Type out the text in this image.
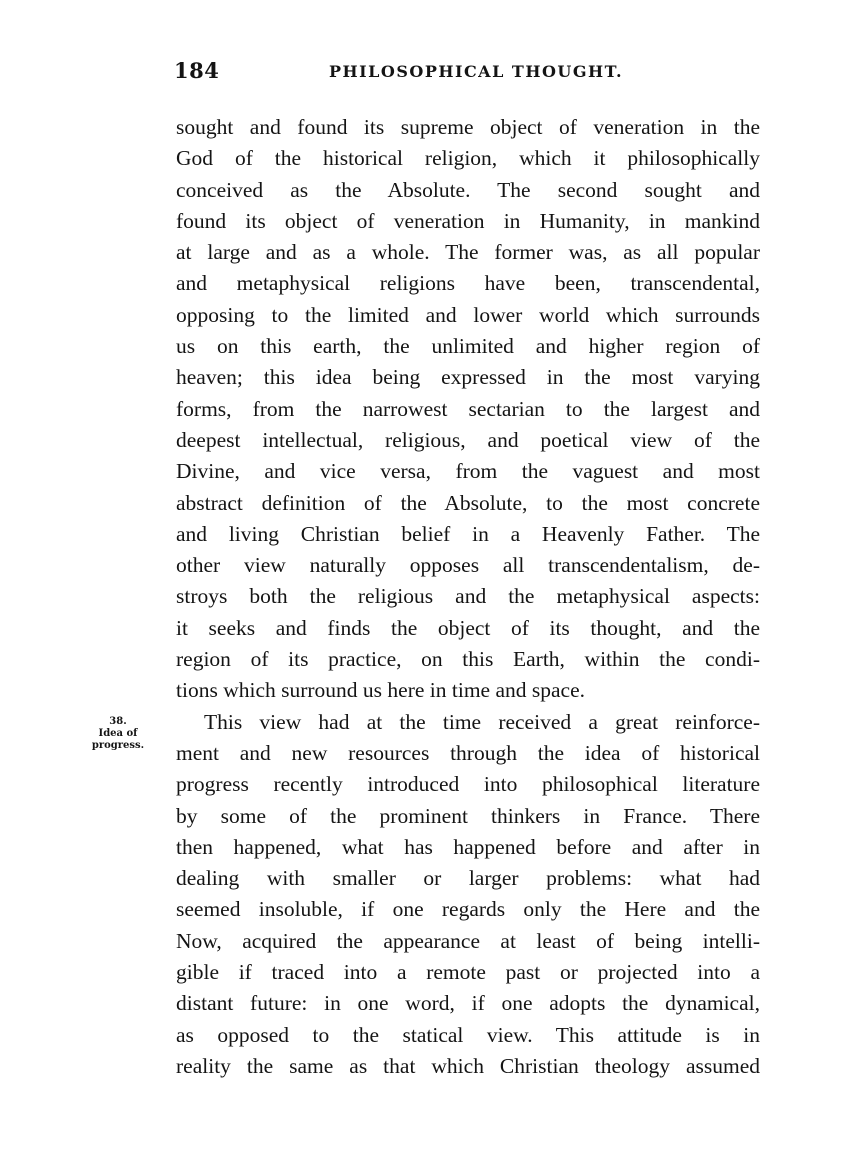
184	PHILOSOPHICAL THOUGHT.
38.
Idea of
progress.
sought and found its supreme object of veneration in the
God of the historical religion, which it philosophically
conceived as the Absolute. The second sought and
found its object of veneration in Humanity, in mankind
at large and as a whole. The former was, as all popular
and metaphysical religions have been, transcendental,
opposing to the limited and lower world which surrounds
us on this earth, the unlimited and higher region of
heaven; this idea being expressed in the most varying
forms, from the narrowest sectarian to the largest and
deepest intellectual, religious, and poetical view of the
Divine, and vice versa, from the vaguest and most
abstract definition of the Absolute, to the most concrete
and living Christian belief in a Heavenly Father. The
other view naturally opposes all transcendentalism, de-
stroys both the religious and the metaphysical aspects:
it seeks and finds the object of its thought, and the
region of its practice, on this Earth, within the condi-
tions which surround us here in time and space.
This view had at the time received a great reinforce-
ment and new resources through the idea of historical
progress recently introduced into philosophical literature
by some of the prominent thinkers in France. There
then happened, what has happened before and after in
dealing with smaller or larger problems: what had
seemed insoluble, if one regards only the Here and the
Now, acquired the appearance at least of being intelli-
gible if traced into a remote past or projected into a
distant future: in one word, if one adopts the dynamical,
as opposed to the statical view. This attitude is in
reality the same as that which Christian theology assumed
